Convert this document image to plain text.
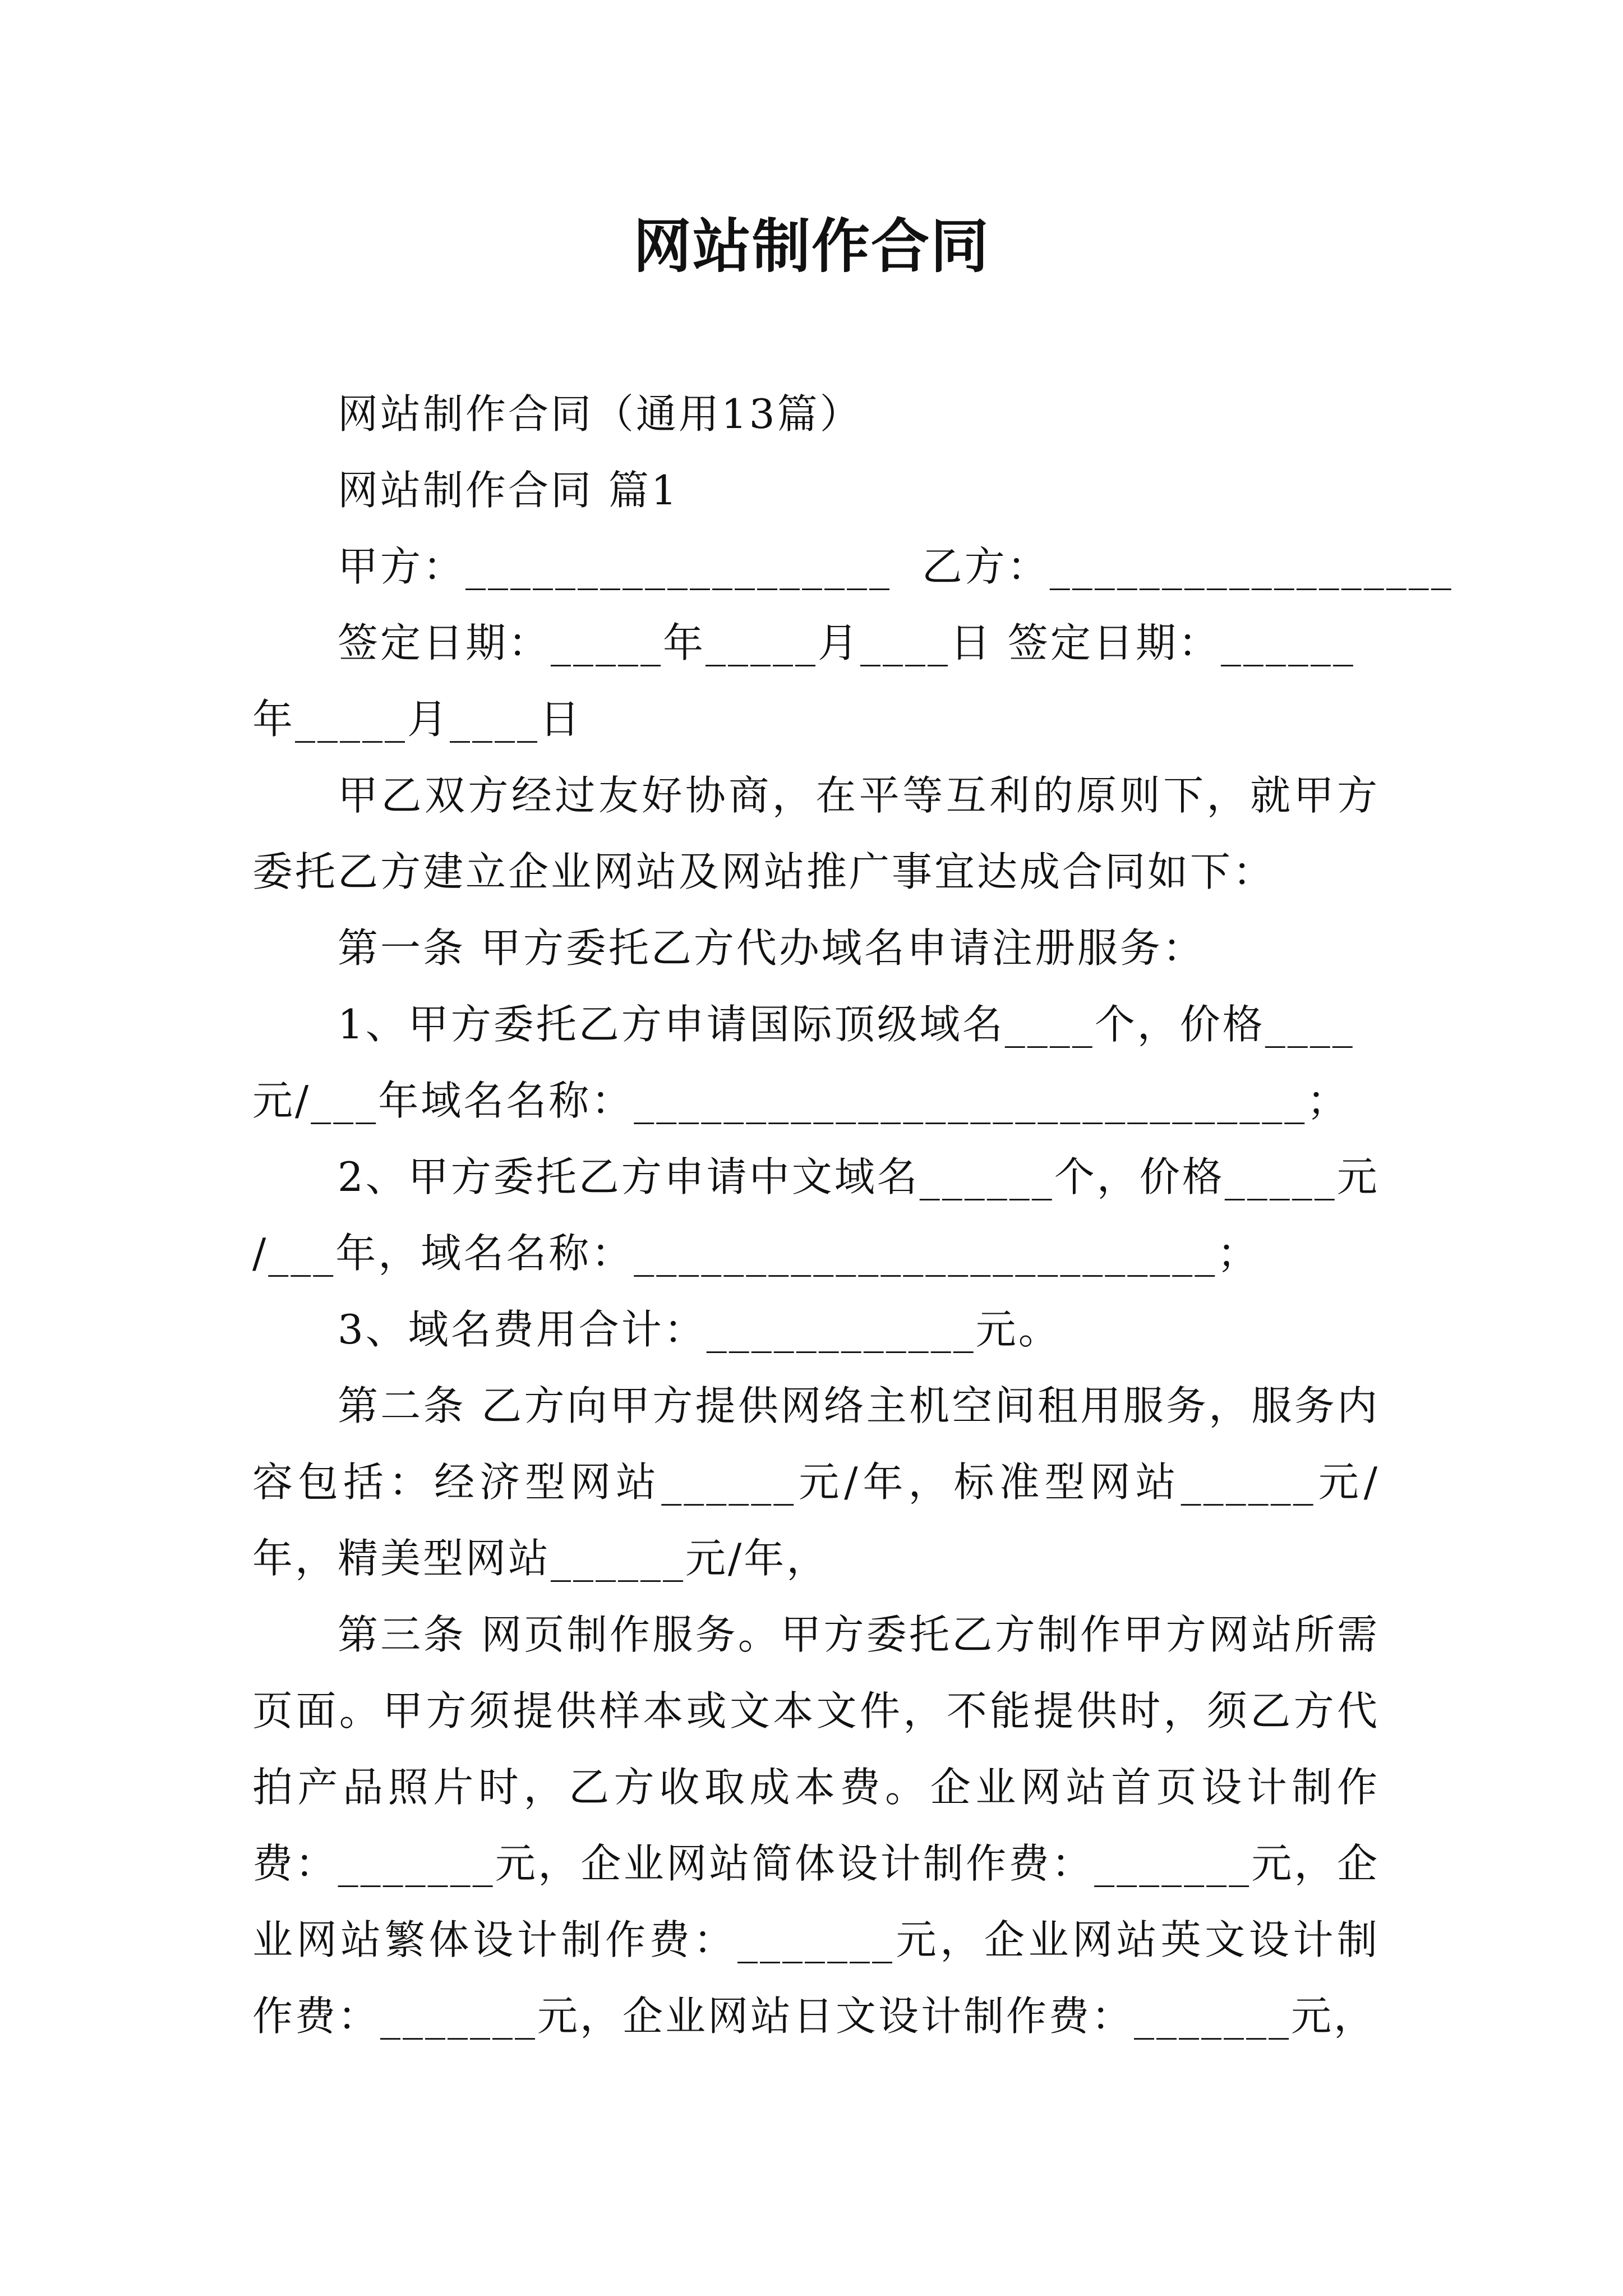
网站制作合同
网站制作合同（通用13篇）
网站制作合同 篇1
甲方：___________________  乙方：__________________
签定日期：_____年_____月____日 签定日期：______
年_____月____日

甲乙双方经过友好协商，在平等互利的原则下，就甲方委托乙方建立企业网站及网站推广事宜达成合同如下：

第一条 甲方委托乙方代办域名申请注册服务：
1、甲方委托乙方申请国际顶级域名____个，价格____
元/___年域名名称：______________________________；
2、甲方委托乙方申请中文域名______个，价格_____元
/___年，域名名称：__________________________；
3、域名费用合计：____________元。

第二条 乙方向甲方提供网络主机空间租用服务，服务内容包括：经济型网站______元/年，标准型网站______元/年，精美型网站______元/年，

第三条 网页制作服务。甲方委托乙方制作甲方网站所需页面。甲方须提供样本或文本文件，不能提供时，须乙方代拍产品照片时，乙方收取成本费。企业网站首页设计制作费：_______元，企业网站简体设计制作费：_______元，企业网站繁体设计制作费：_______元，企业网站英文设计制作费：_______元，企业网站日文设计制作费：_______元，
